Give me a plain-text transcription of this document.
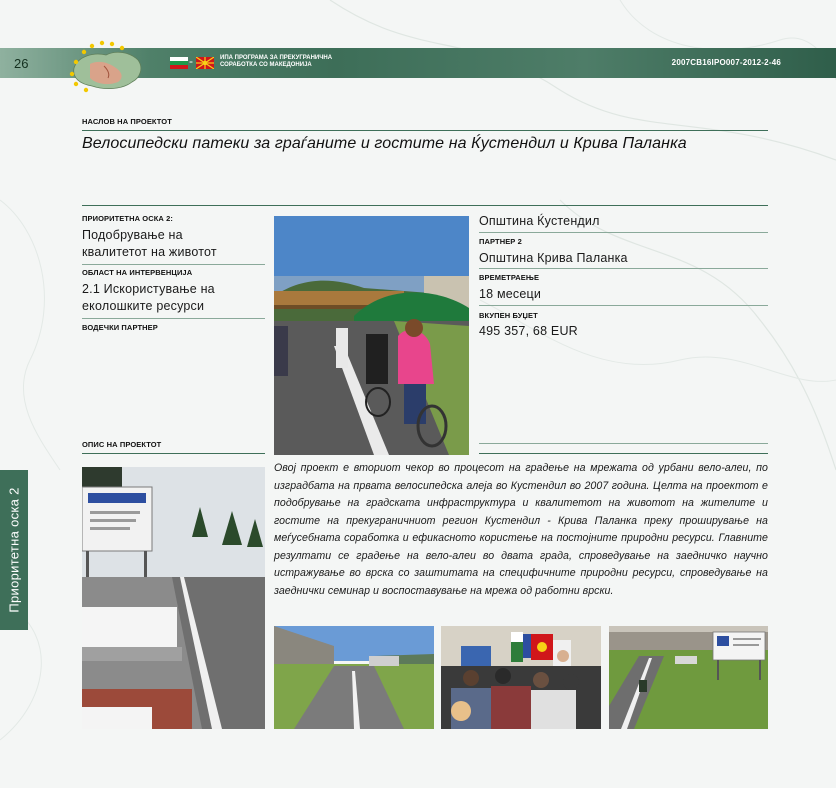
26	-	ИПА ПРОГРАМА ЗА ПРЕКУГРАНИЧНА
СОРАБОТКА СО МАКЕДОНИЈА	2007CB16IPO007-2012-2-46
НАСЛОВ НА ПРОЕКТОТ
Велосипедски патеки за граѓаните и гостите на Ќустендил и Крива Паланка
ПРИОРИТЕТНА ОСКА 2:
Подобрување на
квалитетот на животот
ОБЛАСТ НА ИНТЕРВЕНЦИЈА
2.1 Искористување на
еколошките ресурси
ВОДЕЧКИ ПАРТНЕР
Општина Ќустендил
ПАРТНЕР 2
Општина Крива Паланка
ВРЕМЕТРАЕЊЕ
18 месеци
ВКУПЕН БУЏЕТ
495 357, 68 EUR
ОПИС НА ПРОЕКТОТ
Овој проект е вториот чекор во процесот на градење на мрежата од урбани вело-алеи, по изградбата на првата велосипедска алеја во Кустендил во 2007 година. Целта на проектот е подобрување на градската инфраструктура и квалитетот на животот на жителите и гостите на прекуграничниот регион Кустендил - Крива Паланка преку проширување на меѓусебната соработка и ефикасното користење на постојните природни ресурси. Главните резултати се градење на вело-алеи во двата града, спроведување на заедничко научно истражување во врска со заштитата на специфичните природни ресурси, спроведување на заеднички семинар и воспоставување на мрежа од работни врски.
Приоритетна оска 2
